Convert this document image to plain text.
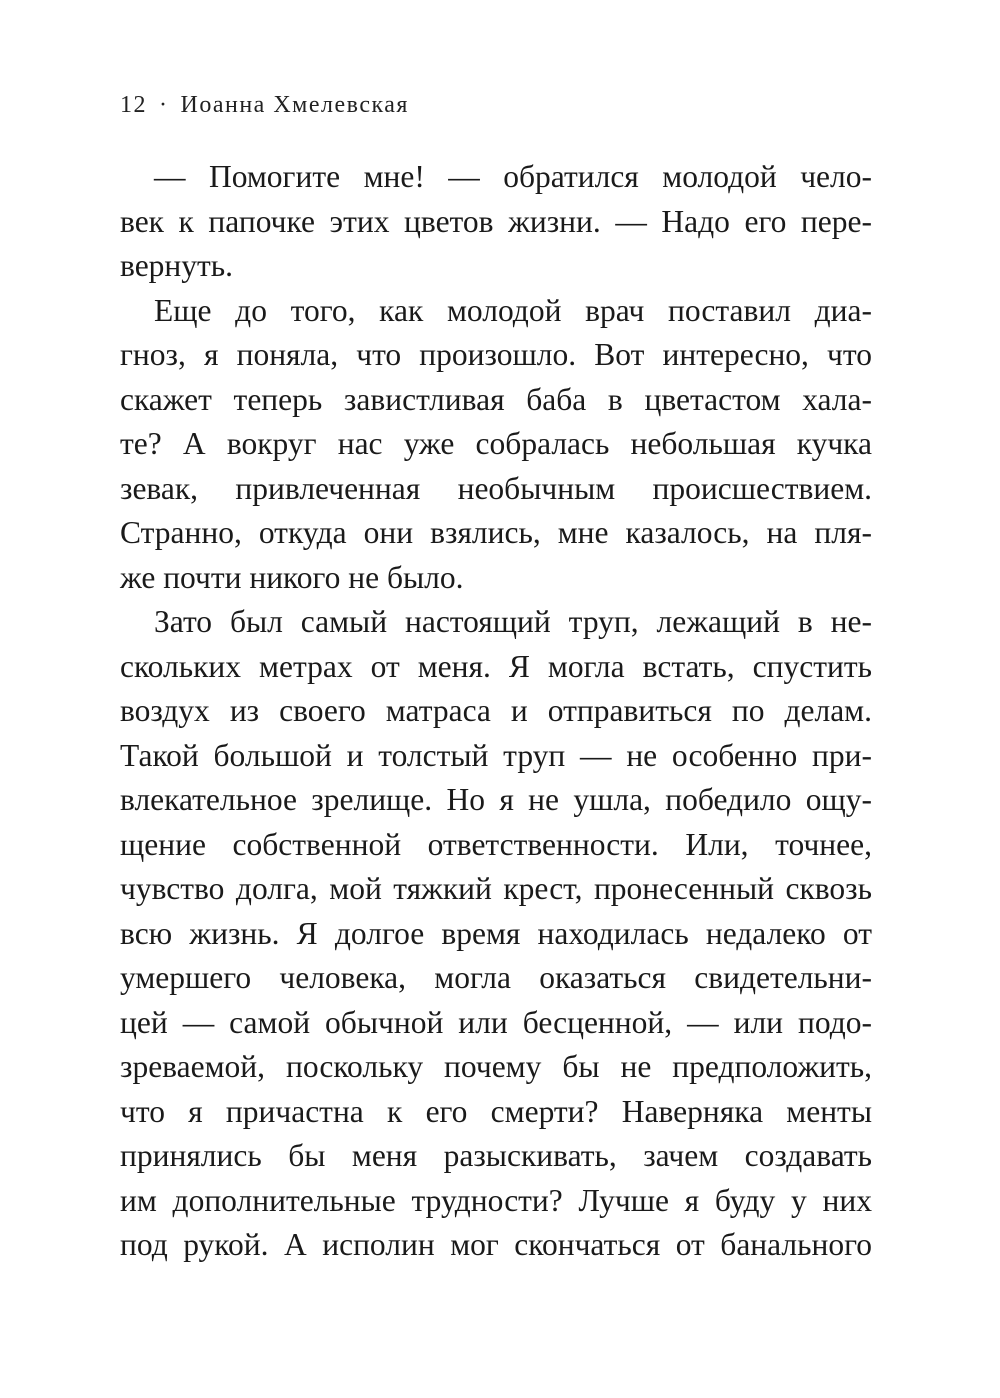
12 · Иоанна Хмелевская
— Помогите мне! — обратился молодой чело-
век к папочке этих цветов жизни. — Надо его пере-
вернуть.
Еще до того, как молодой врач поставил диа-
гноз, я поняла, что произошло. Вот интересно, что
скажет теперь завистливая баба в цветастом хала-
те? А вокруг нас уже собралась небольшая кучка
зевак, привлеченная необычным происшествием.
Странно, откуда они взялись, мне казалось, на пля-
же почти никого не было.
Зато был самый настоящий труп, лежащий в не-
скольких метрах от меня. Я могла встать, спустить
воздух из своего матраса и отправиться по делам.
Такой большой и толстый труп — не особенно при-
влекательное зрелище. Но я не ушла, победило ощу-
щение собственной ответственности. Или, точнее,
чувство долга, мой тяжкий крест, пронесенный сквозь
всю жизнь. Я долгое время находилась недалеко от
умершего человека, могла оказаться свидетельни-
цей — самой обычной или бесценной, — или подо-
зреваемой, поскольку почему бы не предположить,
что я причастна к его смерти? Наверняка менты
принялись бы меня разыскивать, зачем создавать
им дополнительные трудности? Лучше я буду у них
под рукой. А исполин мог скончаться от банального
